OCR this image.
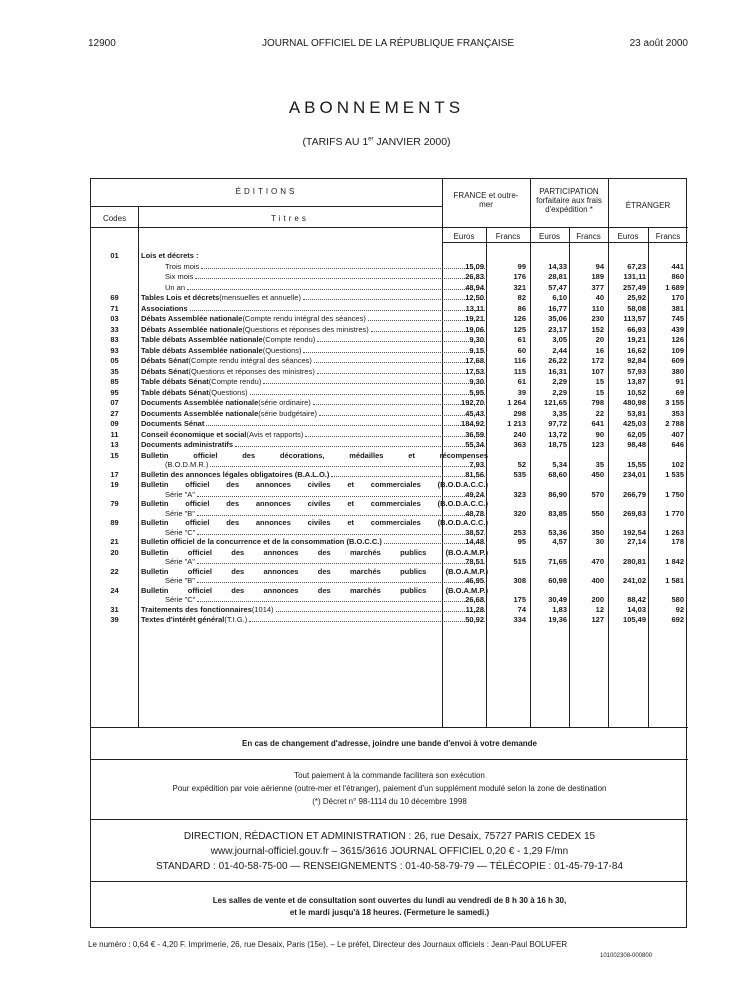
12900	JOURNAL OFFICIEL DE LA RÉPUBLIQUE FRANÇAISE	23 août 2000
ABONNEMENTS
(TARIFS AU 1er JANVIER 2000)
ÉDITIONS
Codes	Titres
FRANCE et outre-mer
PARTICIPATION forfaitaire aux frais d'expédition *	ÉTRANGER
Euros	Francs	Euros	Francs	Euros	Francs
01	Lois et décrets :
Trois mois	15,09	99	14,33	94	67,23	441
Six mois	26,83	176	28,81	189	131,11	860
Un an	48,94	321	57,47	377	257,49	1 689
69	Tables Lois et décrets (mensuelles et annuelle)	12,50	82	6,10	40	25,92	170
71	Associations	13,11	86	16,77	110	58,08	381
03	Débats Assemblée nationale (Compte rendu intégral des séances)	19,21	126	35,06	230	113,57	745
33	Débats Assemblée nationale (Questions et réponses des ministres)	19,06	125	23,17	152	66,93	439
83	Table débats Assemblée nationale (Compte rendu)	9,30	61	3,05	20	19,21	126
93	Table débats Assemblée nationale (Questions)	9,15	60	2,44	16	16,62	109
05	Débats Sénat (Compte rendu intégral des séances)	17,68	116	26,22	172	92,84	609
35	Débats Sénat (Questions et réponses des ministres)	17,53	115	16,31	107	57,93	380
85	Table débats Sénat (Compte rendu)	9,30	61	2,29	15	13,87	91
95	Table débats Sénat (Questions)	5,95	39	2,29	15	10,52	69
07	Documents Assemblée nationale (série ordinaire)	192,70	1 264	121,65	798	480,98	3 155
27	Documents Assemblée nationale (série budgétaire)	45,43	298	3,35	22	53,81	353
09	Documents Sénat	184,92	1 213	97,72	641	425,03	2 788
11	Conseil économique et social (Avis et rapports)	36,59	240	13,72	90	62,05	407
13	Documents administratifs	55,34	363	18,75	123	98,48	646
15	Bulletin officiel des décorations, médailles et récompenses
(B.O.D.M.R.)	7,93	52	5,34	35	15,55	102
17	Bulletin des annonces légales obligatoires (B.A.L.O.)	81,56	535	68,60	450	234,01	1 535
19	Bulletin officiel des annonces civiles et commerciales (B.O.D.A.C.C.)
Série "A"	49,24	323	86,90	570	266,79	1 750
79	Bulletin officiel des annonces civiles et commerciales (B.O.D.A.C.C.)
Série "B"	48,78	320	83,85	550	269,83	1 770
89	Bulletin officiel des annonces civiles et commerciales (B.O.D.A.C.C.)
Série "C"	38,57	253	53,36	350	192,54	1 263
21	Bulletin officiel de la concurrence et de la consommation (B.O.C.C.)	14,48	95	4,57	30	27,14	178
20	Bulletin officiel des annonces des marchés publics (B.O.A.M.P.)
Série "A"	78,51	515	71,65	470	280,81	1 842
22	Bulletin officiel des annonces des marchés publics (B.O.A.M.P.)
Série "B"	46,95	308	60,98	400	241,02	1 581
24	Bulletin officiel des annonces des marchés publics (B.O.A.M.P.)
Série "C"	26,68	175	30,49	200	88,42	580
31	Traitements des fonctionnaires (1014)	11,28	74	1,83	12	14,03	92
39	Textes d'intérêt général (T.I.G.)	50,92	334	19,36	127	105,49	692
En cas de changement d'adresse, joindre une bande d'envoi à votre demande
Tout paiement à la commande facilitera son exécution
Pour expédition par voie aérienne (outre-mer et l'étranger), paiement d'un supplément modulé selon la zone de destination
(*) Décret n° 98-1114 du 10 décembre 1998
DIRECTION, RÉDACTION ET ADMINISTRATION : 26, rue Desaix, 75727 PARIS CEDEX 15
www.journal-officiel.gouv.fr – 3615/3616 JOURNAL OFFICIEL 0,20 € - 1,29 F/mn
STANDARD : 01-40-58-75-00 — RENSEIGNEMENTS : 01-40-58-79-79 — TÉLÉCOPIE : 01-45-79-17-84
Les salles de vente et de consultation sont ouvertes du lundi au vendredi de 8 h 30 à 16 h 30,
et le mardi jusqu'à 18 heures. (Fermeture le samedi.)
Le numéro : 0,64 € - 4,20 F. Imprimerie, 26, rue Desaix, Paris (15e). – Le préfet, Directeur des Journaux officiels : Jean-Paul BOLUFER
101002308-000800
